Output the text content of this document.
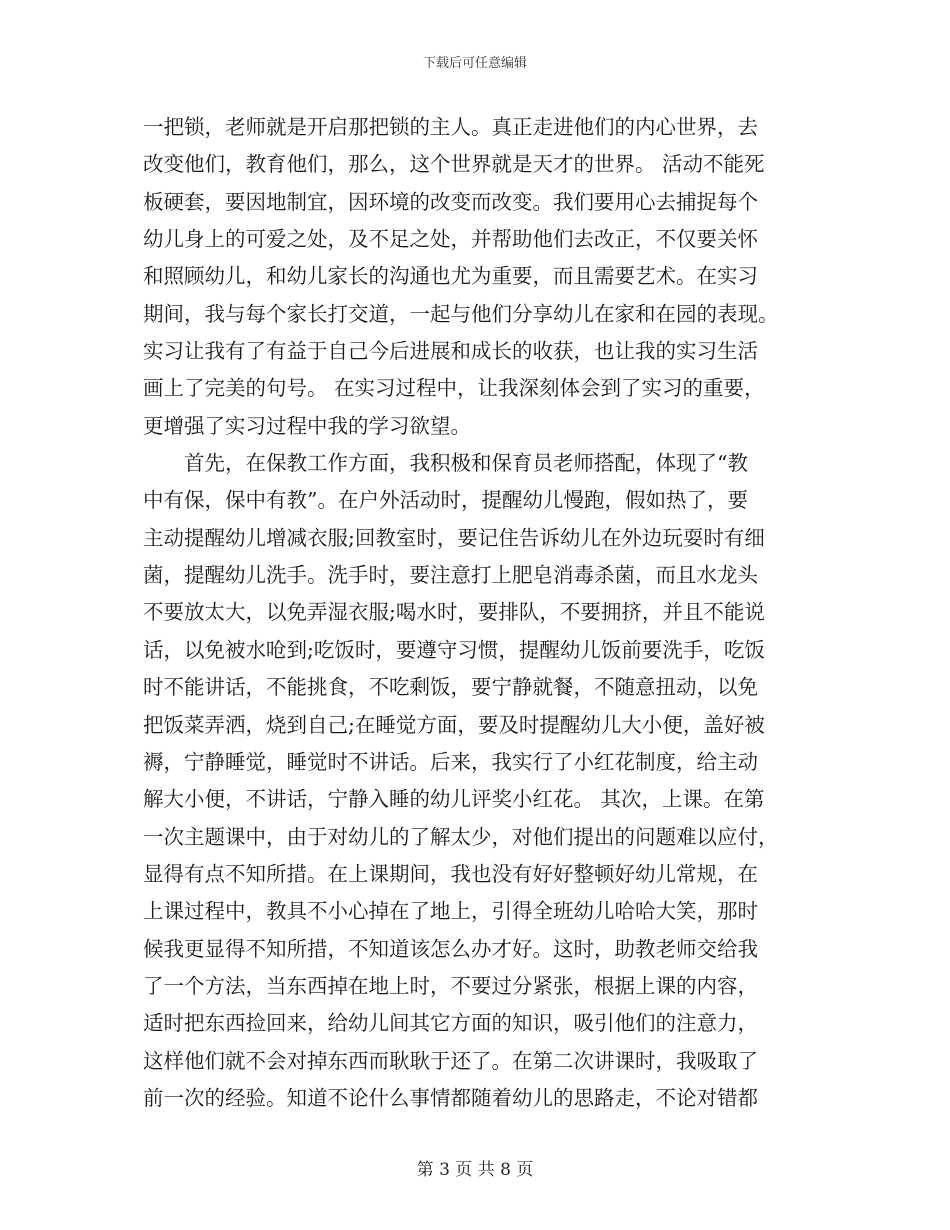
下载后可任意编辑
一把锁，老师就是开启那把锁的主人。真正走进他们的内心世界，去
改变他们，教育他们，那么，这个世界就是天才的世界。 活动不能死
板硬套，要因地制宜，因环境的改变而改变。我们要用心去捕捉每个
幼儿身上的可爱之处，及不足之处，并帮助他们去改正，不仅要关怀
和照顾幼儿，和幼儿家长的沟通也尤为重要，而且需要艺术。在实习
期间，我与每个家长打交道，一起与他们分享幼儿在家和在园的表现。
实习让我有了有益于自己今后进展和成长的收获，也让我的实习生活
画上了完美的句号。 在实习过程中，让我深刻体会到了实习的重要，
更增强了实习过程中我的学习欲望。
　　首先，在保教工作方面，我积极和保育员老师搭配，体现了“教
中有保，保中有教”。在户外活动时，提醒幼儿慢跑，假如热了，要
主动提醒幼儿增减衣服;回教室时，要记住告诉幼儿在外边玩耍时有细
菌，提醒幼儿洗手。洗手时，要注意打上肥皂消毒杀菌，而且水龙头
不要放太大，以免弄湿衣服;喝水时，要排队，不要拥挤，并且不能说
话，以免被水呛到;吃饭时，要遵守习惯，提醒幼儿饭前要洗手，吃饭
时不能讲话，不能挑食，不吃剩饭，要宁静就餐，不随意扭动，以免
把饭菜弄洒，烧到自己;在睡觉方面，要及时提醒幼儿大小便，盖好被
褥，宁静睡觉，睡觉时不讲话。后来，我实行了小红花制度，给主动
解大小便，不讲话，宁静入睡的幼儿评奖小红花。 其次，上课。在第
一次主题课中，由于对幼儿的了解太少，对他们提出的问题难以应付，
显得有点不知所措。在上课期间，我也没有好好整顿好幼儿常规，在
上课过程中，教具不小心掉在了地上，引得全班幼儿哈哈大笑，那时
候我更显得不知所措，不知道该怎么办才好。这时，助教老师交给我
了一个方法，当东西掉在地上时，不要过分紧张，根据上课的内容，
适时把东西捡回来，给幼儿间其它方面的知识，吸引他们的注意力，
这样他们就不会对掉东西而耿耿于还了。在第二次讲课时，我吸取了
前一次的经验。知道不论什么事情都随着幼儿的思路走，不论对错都
第 3 页 共 8 页
